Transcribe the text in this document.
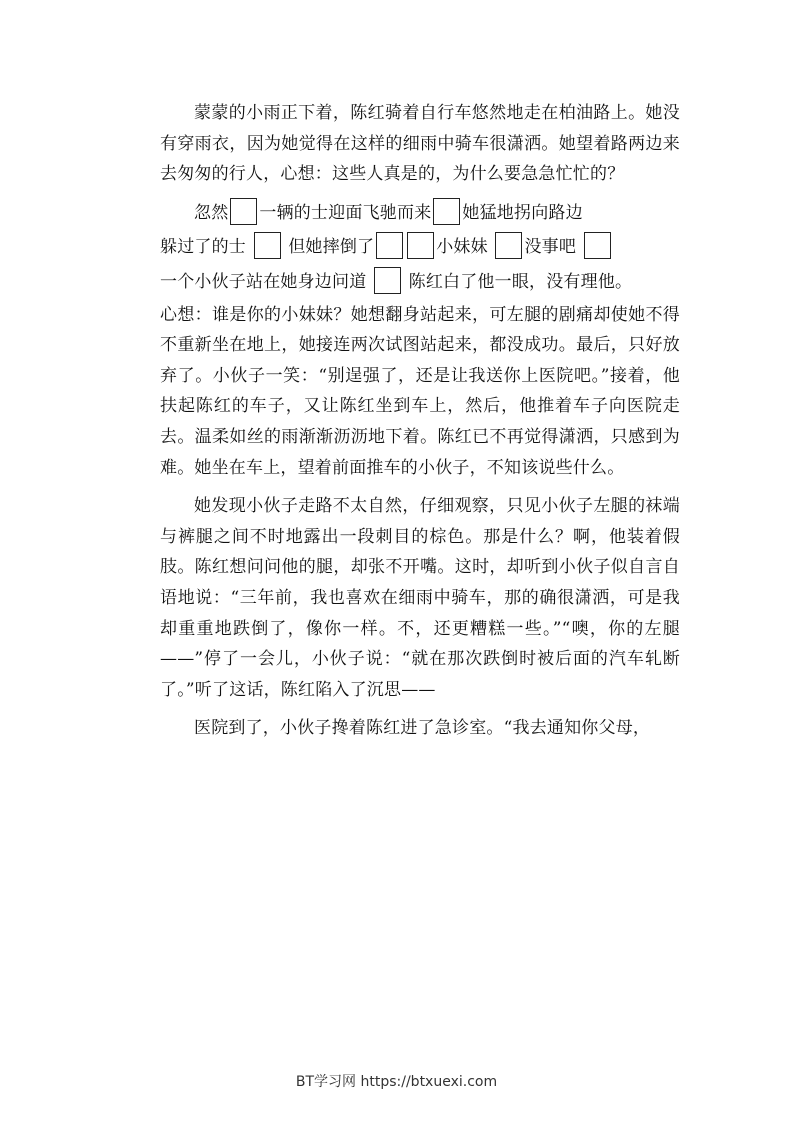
蒙蒙的小雨正下着，陈红骑着自行车悠然地走在柏油路上。她没有穿雨衣，因为她觉得在这样的细雨中骑车很潇洒。她望着路两边来去匆匆的行人，心想：这些人真是的，为什么要急急忙忙的？

忽然 一辆的士迎面飞驰而来 她猛地拐向路边
躲过了的士 但她摔倒了	小妹妹 没事吧
一个小伙子站在她身边问道 陈红白了他一眼，没有理他。

心想：谁是你的小妹妹？她想翻身站起来，可左腿的剧痛却使她不得不重新坐在地上，她接连两次试图站起来，都没成功。最后，只好放弃了。小伙子一笑：“别逞强了，还是让我送你上医院吧。”接着，他扶起陈红的车子，又让陈红坐到车上，然后，他推着车子向医院走去。温柔如丝的雨渐渐沥沥地下着。陈红已不再觉得潇洒，只感到为难。她坐在车上，望着前面推车的小伙子，不知该说些什么。

她发现小伙子走路不太自然，仔细观察，只见小伙子左腿的袜端与裤腿之间不时地露出一段刺目的棕色。那是什么？啊，他装着假肢。陈红想问问他的腿，却张不开嘴。这时，却听到小伙子似自言自语地说：“三年前，我也喜欢在细雨中骑车，那的确很潇洒，可是我却重重地跌倒了，像你一样。不，还更糟糕一些。”“噢，你的左腿——”停了一会儿，小伙子说：“就在那次跌倒时被后面的汽车轧断了。”听了这话，陈红陷入了沉思——

医院到了，小伙子搀着陈红进了急诊室。“我去通知你父母，

BT学习网 https://btxuexi.com
